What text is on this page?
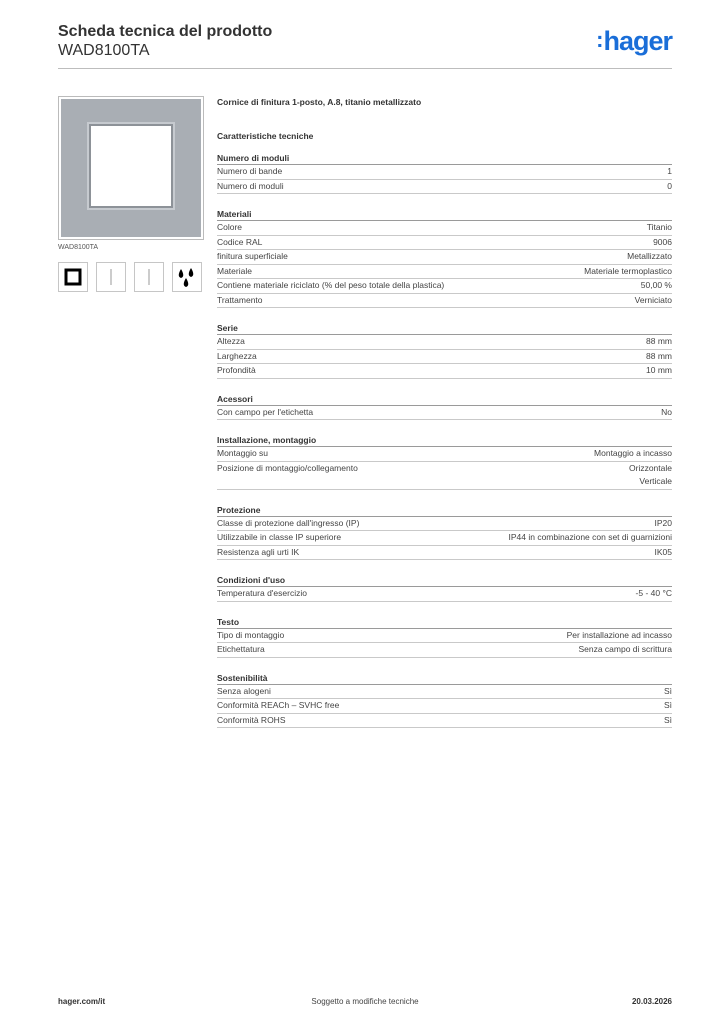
Scheda tecnica del prodotto
WAD8100TA	:hager
WAD8100TA
Cornice di finitura 1-posto, A.8, titanio metallizzato
Caratteristiche tecniche
Numero di moduli
Numero di bande	1
Numero di moduli	0
Materiali
Colore	Titanio
Codice RAL	9006
finitura superficiale	Metallizzato
Materiale	Materiale termoplastico
Contiene materiale riciclato (% del peso totale della plastica)	50,00 %
Trattamento	Verniciato
Serie
Altezza	88 mm
Larghezza	88 mm
Profondità	10 mm
Acessori
Con campo per l'etichetta	No
Installazione, montaggio
Montaggio su	Montaggio a incasso
Posizione di montaggio/collegamento	Orizzontale
Verticale
Protezione
Classe di protezione dall'ingresso (IP)	IP20
Utilizzabile in classe IP superiore	IP44 in combinazione con set di guarnizioni
Resistenza agli urti IK	IK05
Condizioni d'uso
Temperatura d'esercizio	-5 - 40 °C
Testo
Tipo di montaggio	Per installazione ad incasso
Etichettatura	Senza campo di scrittura
Sostenibilità
Senza alogeni	Sì
Conformità REACh – SVHC free	Sì
Conformità ROHS	Sì
Soggetto a modifiche tecniche
hager.com/it	20.03.2026
